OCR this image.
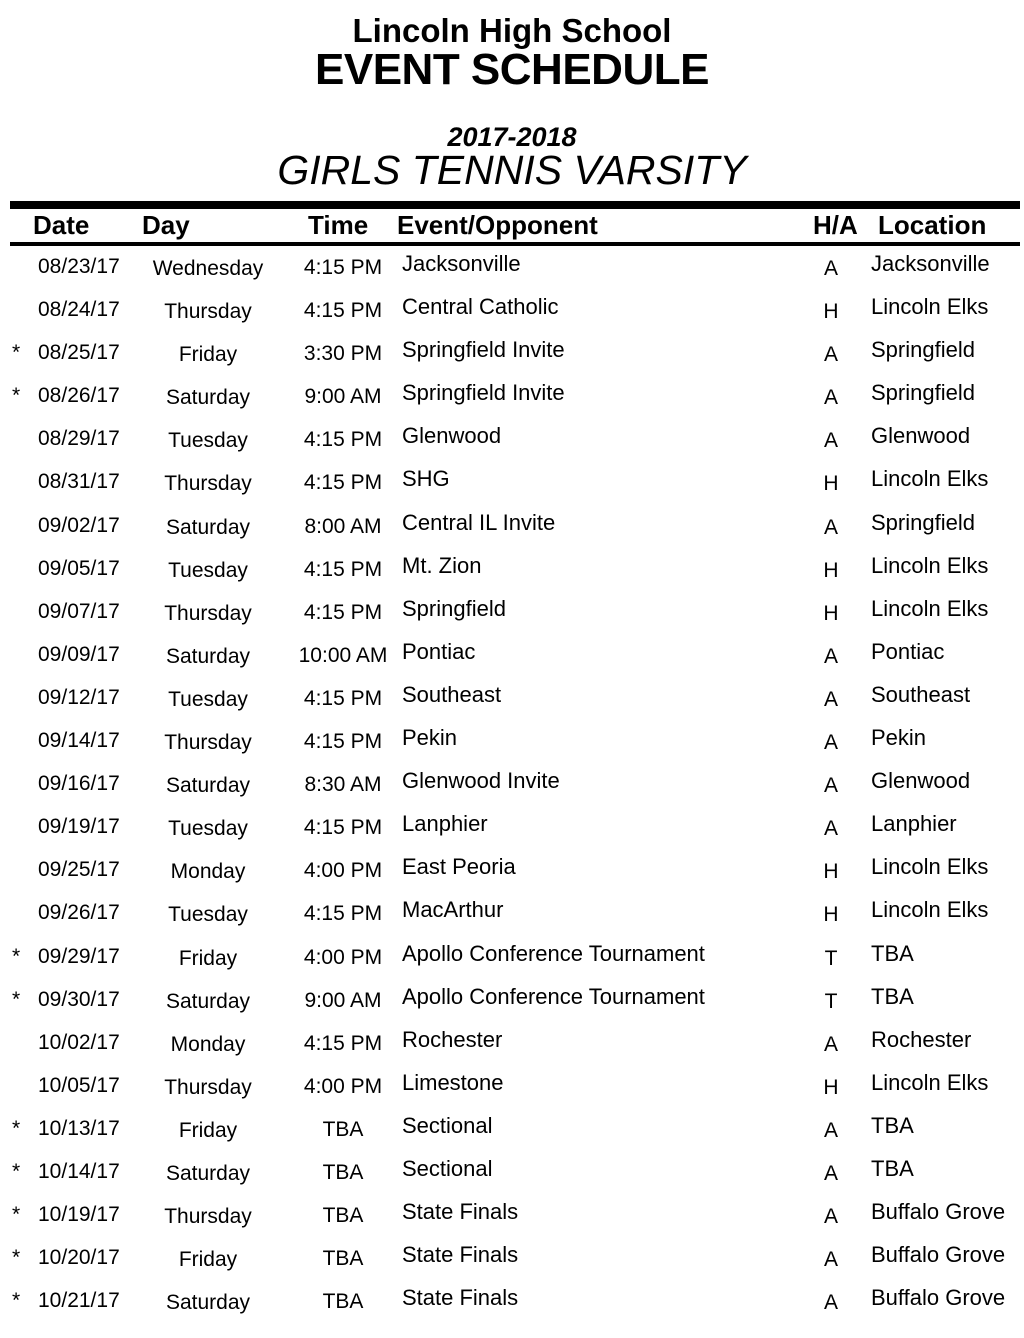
Lincoln High School
EVENT SCHEDULE
2017-2018
GIRLS TENNIS VARSITY
Date Day	Time Event/Opponent	H/A Location
08/23/17	Wednesday	4:15 PM Jacksonville	A	Jacksonville
08/24/17	Thursday	4:15 PM Central Catholic	H	Lincoln Elks
* 08/25/17	Friday	3:30 PM Springfield Invite	A	Springfield
* 08/26/17	Saturday	9:00 AM Springfield Invite	A	Springfield
08/29/17	Tuesday	4:15 PM Glenwood	A	Glenwood
08/31/17	Thursday	4:15 PM SHG	H	Lincoln Elks
09/02/17	Saturday	8:00 AM Central IL Invite	A	Springfield
09/05/17	Tuesday	4:15 PM Mt. Zion	H	Lincoln Elks
09/07/17	Thursday	4:15 PM Springfield	H	Lincoln Elks
09/09/17	Saturday	10:00 AM Pontiac	A	Pontiac
09/12/17	Tuesday	4:15 PM Southeast	A	Southeast
09/14/17	Thursday	4:15 PM Pekin	A	Pekin
09/16/17	Saturday	8:30 AM Glenwood Invite	A	Glenwood
09/19/17	Tuesday	4:15 PM Lanphier	A	Lanphier
09/25/17	Monday	4:00 PM East Peoria	H	Lincoln Elks
09/26/17	Tuesday	4:15 PM MacArthur	H	Lincoln Elks
* 09/29/17	Friday	4:00 PM Apollo Conference Tournament	T	TBA
* 09/30/17	Saturday	9:00 AM Apollo Conference Tournament	T	TBA
10/02/17	Monday	4:15 PM Rochester	A	Rochester
10/05/17	Thursday	4:00 PM Limestone	H	Lincoln Elks
* 10/13/17	Friday	TBA	Sectional	A	TBA
* 10/14/17	Saturday	TBA	Sectional	A	TBA
* 10/19/17	Thursday	TBA	State Finals	A	Buffalo Grove
* 10/20/17	Friday	TBA	State Finals	A	Buffalo Grove
* 10/21/17	Saturday	TBA	State Finals	A	Buffalo Grove
